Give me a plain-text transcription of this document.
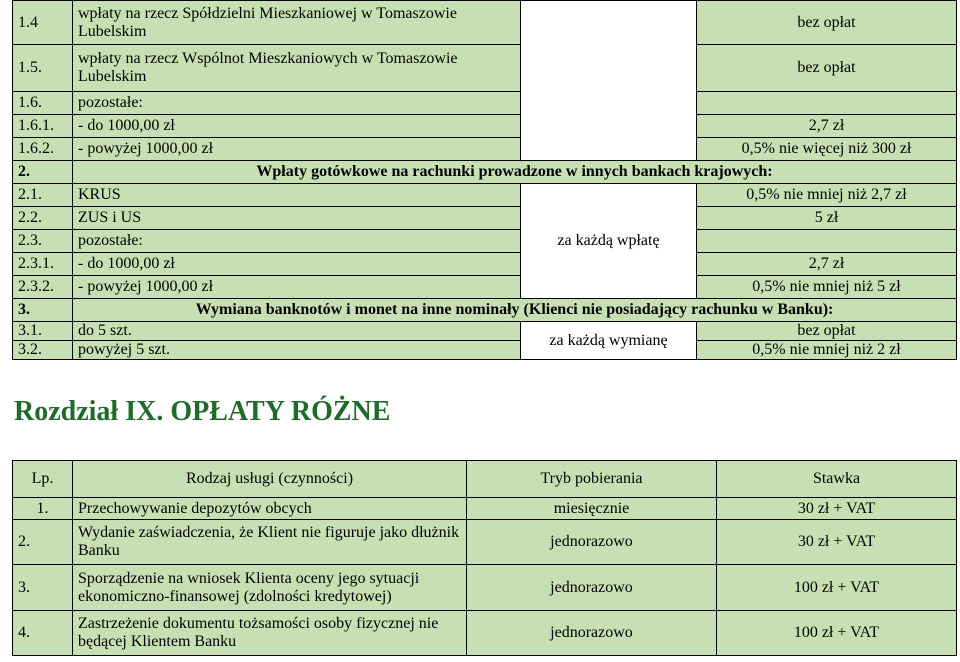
1.4	wpłaty na rzecz Spółdzielni Mieszkaniowej w Tomaszowie Lubelskim		bez opłat
1.5.	wpłaty na rzecz Wspólnot Mieszkaniowych w Tomaszowie Lubelskim		bez opłat
1.6.	pozostałe:		
1.6.1.	- do 1000,00 zł		2,7 zł
1.6.2.	- powyżej 1000,00 zł		0,5% nie więcej niż 300 zł
2.	Wpłaty gotówkowe na rachunki prowadzone w innych bankach krajowych:		
2.1.	KRUS	za każdą wpłatę	0,5% nie mniej niż 2,7 zł
2.2.	ZUS i US		5 zł
2.3.	pozostałe:		
2.3.1.	- do 1000,00 zł		2,7 zł
2.3.2.	- powyżej 1000,00 zł		0,5% nie mniej niż 5 zł
3.	Wymiana banknotów i monet na inne nominały (Klienci nie posiadający rachunku w Banku):		
3.1.	do 5 szt.	za każdą wymianę	bez opłat
3.2.	powyżej 5 szt.		0,5% nie mniej niż 2 zł
Rozdział IX. OPŁATY RÓŻNE
Lp.	Rodzaj usługi (czynności)	Tryb pobierania	Stawka
1.	Przechowywanie depozytów obcych	miesięcznie	30 zł + VAT
2.	Wydanie zaświadczenia, że Klient nie figuruje jako dłużnik Banku	jednorazowo	30 zł + VAT
3.	Sporządzenie na wniosek Klienta oceny jego sytuacji ekonomiczno-finansowej (zdolności kredytowej)	jednorazowo	100 zł + VAT
4.	Zastrzeżenie dokumentu tożsamości osoby fizycznej nie będącej Klientem Banku	jednorazowo	100 zł + VAT
